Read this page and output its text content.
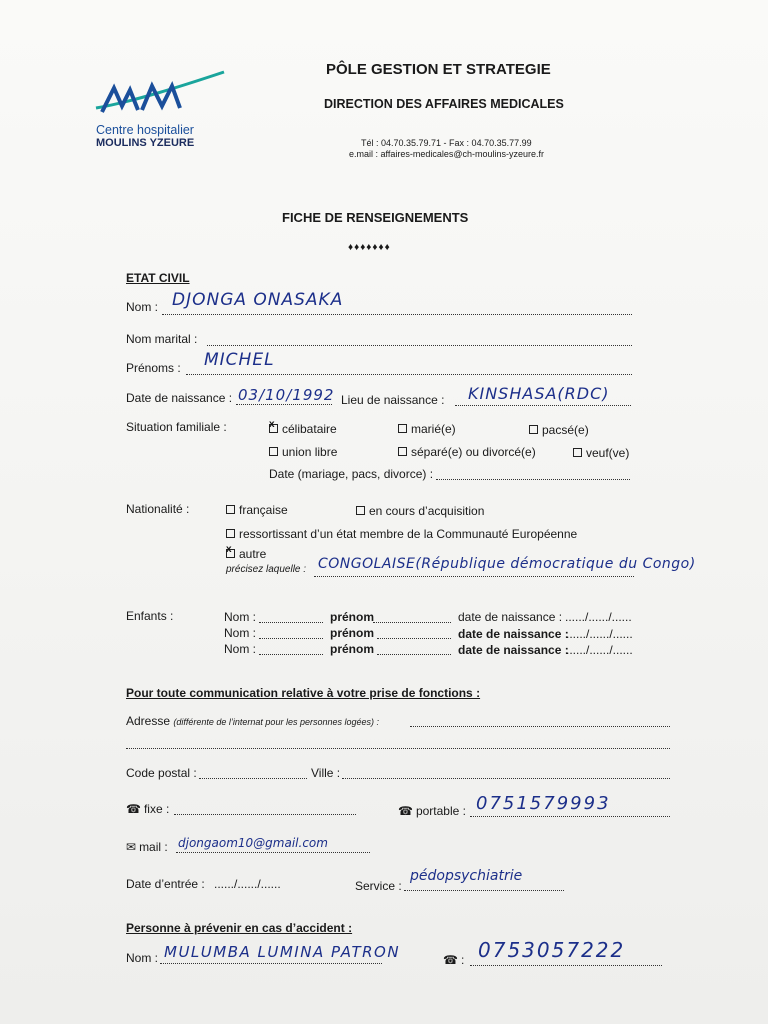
Centre hospitalier
MOULINS YZEURE
PÔLE GESTION ET STRATEGIE
DIRECTION DES AFFAIRES MEDICALES
Tél : 04.70.35.79.71 - Fax : 04.70.35.77.99
e.mail : affaires-medicales@ch-moulins-yzeure.fr
FICHE DE RENSEIGNEMENTS
♦♦♦♦♦♦♦
ETAT CIVIL
Nom : DJONGA ONASAKA
Nom marital :
Prénoms : MICHEL
Date de naissance : 03/10/1992 Lieu de naissance : KINSHASA(RDC)
Situation familiale :
x	célibataire	marié(e)	pacsé(e)
union libre	séparé(e) ou divorcé(e)	veuf(ve)
Date (mariage, pacs, divorce) :
Nationalité :	française	en cours d’acquisition
ressortissant d’un état membre de la Communauté Européenne
xautre
précisez laquelle : CONGOLAISE(République démocratique du Congo)
Enfants :	Nom :	prénom	date de naissance : ....../....../......
Nom :	prénom	date de naissance :
....../....../......
Nom :	prénom	date de naissance :
....../....../......
Pour toute communication relative à votre prise de fonctions :
Adresse (différente de l’internat pour les personnes logées) :
Code postal :	Ville :
☎ fixe :	☎ portable : 0751579993
✉ mail : djongaom10@gmail.com
Date d’entrée : ....../....../......	Service :
pédopsychiatrie
Personne à prévenir en cas d’accident :
Nom : MULUMBA LUMINA PATRON	☎ : 0753057222
